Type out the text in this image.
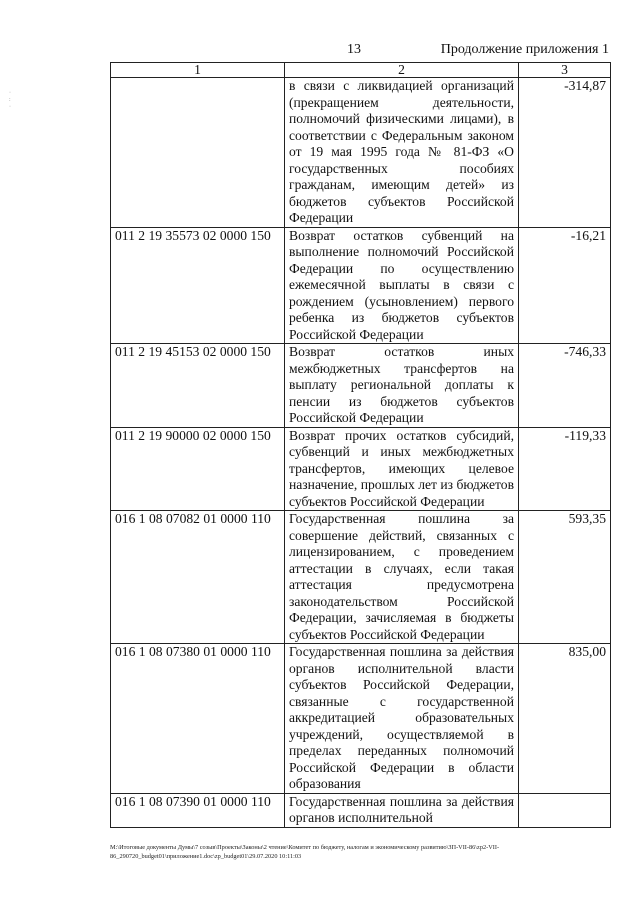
·
:
·
13	Продолжение приложения 1
1	2	3
	в связи с ликвидацией организаций (прекращением деятельности, полномочий физическими лицами), в соответствии с Федеральным законом от 19 мая 1995 года № 81-ФЗ «О государственных пособиях гражданам, имеющим детей» из бюджетов субъектов Российской Федерации	-314,87
011 2 19 35573 02 0000 150	Возврат остатков субвенций на выполнение полномочий Российской Федерации по осуществлению ежемесячной выплаты в связи с рождением (усыновлением) первого ребенка из бюджетов субъектов Российской Федерации	-16,21
011 2 19 45153 02 0000 150	Возврат остатков иных межбюджетных трансфертов на выплату региональной доплаты к пенсии из бюджетов субъектов Российской Федерации	-746,33
011 2 19 90000 02 0000 150	Возврат прочих остатков субсидий, субвенций и иных межбюджетных трансфертов, имеющих целевое назначение, прошлых лет из бюджетов субъектов Российской Федерации	-119,33
016 1 08 07082 01 0000 110	Государственная пошлина за совершение действий, связанных с лицензированием, с проведением аттестации в случаях, если такая аттестация предусмотрена законодательством Российской Федерации, зачисляемая в бюджеты субъектов Российской Федерации	593,35
016 1 08 07380 01 0000 110	Государственная пошлина за действия органов исполнительной власти субъектов Российской Федерации, связанные с государственной аккредитацией образовательных учреждений, осуществляемой в пределах переданных полномочий Российской Федерации в области образования	835,00
016 1 08 07390 01 0000 110	Государственная пошлина за действия органов исполнительной	
M:\Итоговые документы Думы\7 созыв\Проекты\Законы\2 чтение\Комитет по бюджету, налогам и экономическому развитию\ЗП-VII-86\zp2-VII-
86_290720_budget01\приложение1.doc\zp_budget01\29.07.2020 10:11:03
